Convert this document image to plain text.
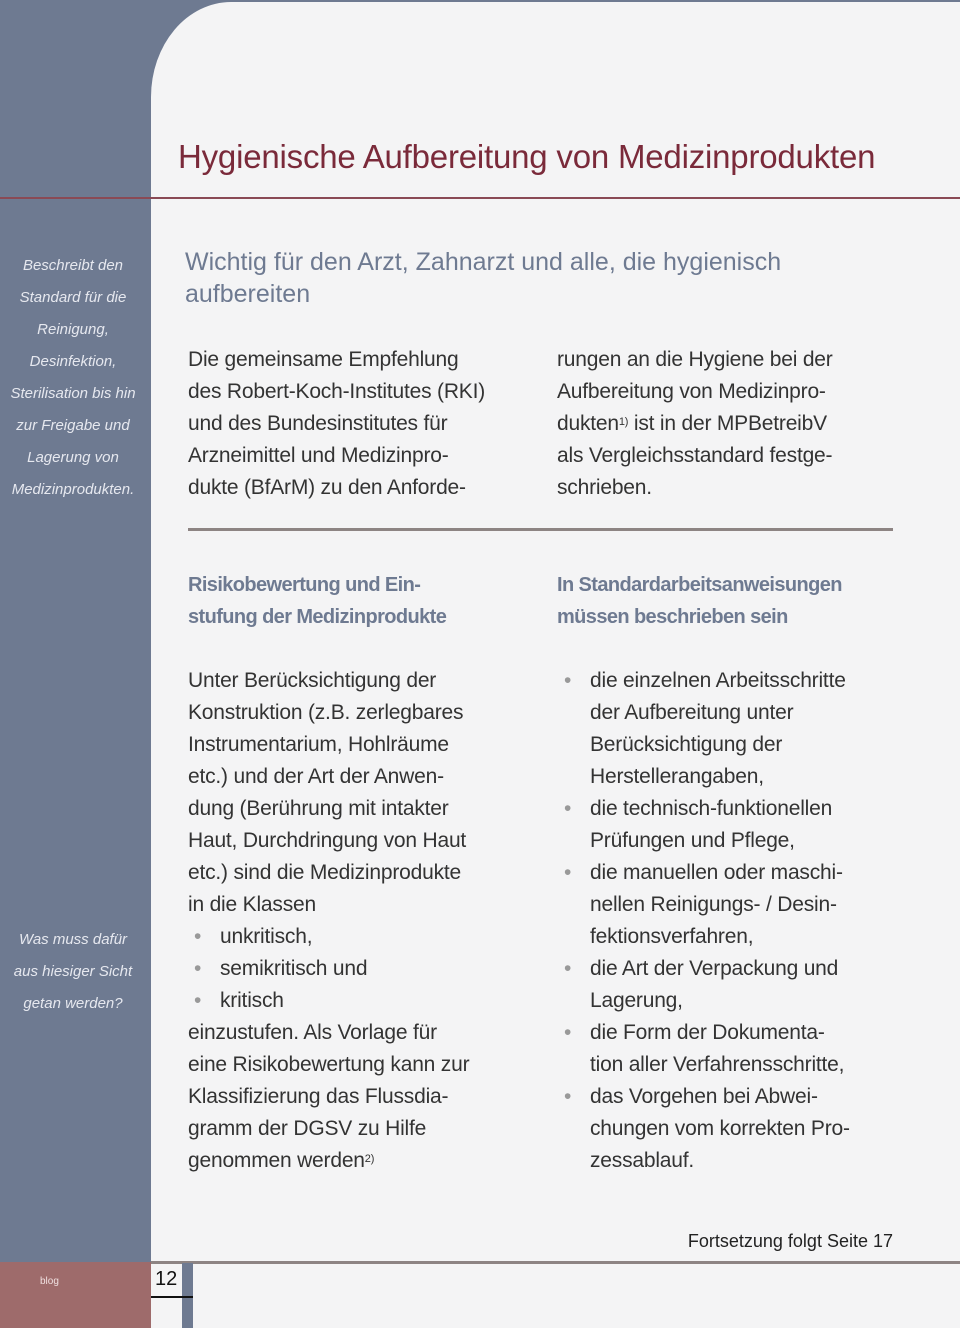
Hygienische Aufbereitung von Medizinprodukten
Beschreibt den
Standard für die
Reinigung,
Desinfektion,
Sterilisation bis hin
zur Freigabe und
Lagerung von
Medizinprodukten.
Was muss dafür
aus hiesiger Sicht
getan werden?
Wichtig für den Arzt, Zahnarzt und alle, die hygienisch
aufbereiten
Die gemeinsame Empfehlung
des Robert-Koch-Institutes (RKI)
und des Bundesinstitutes für
Arzneimittel und Medizinpro-
dukte (BfArM) zu den Anforde-
rungen an die Hygiene bei der
Aufbereitung von Medizinpro-
dukten$^{1)}$ ist in der MPBetreibV
als Vergleichsstandard festge-
schrieben.
Risikobewertung und Ein-
stufung der Medizinprodukte
In Standardarbeitsanweisungen
müssen beschrieben sein
Unter Berücksichtigung der
Konstruktion (z.B. zerlegbares
Instrumentarium, Hohlräume
etc.) und der Art der Anwen-
dung (Berührung mit intakter
Haut, Durchdringung von Haut
etc.) sind die Medizinprodukte
in die Klassen
• unkritisch,
• semikritisch und
• kritisch
einzustufen. Als Vorlage für
eine Risikobewertung kann zur
Klassifizierung das Flussdia-
gramm der DGSV zu Hilfe
genommen werden$^{2)}$
• die einzelnen Arbeitsschritte
der Aufbereitung unter
Berücksichtigung der
Herstellerangaben,
• die technisch-funktionellen
Prüfungen und Pflege,
• die manuellen oder maschi-
nellen Reinigungs- / Desin-
fektionsverfahren,
• die Art der Verpackung und
Lagerung,
• die Form der Dokumenta-
tion aller Verfahrensschritte,
• das Vorgehen bei Abwei-
chungen vom korrekten Pro-
zessablauf.
Fortsetzung folgt Seite 17
blog	12
